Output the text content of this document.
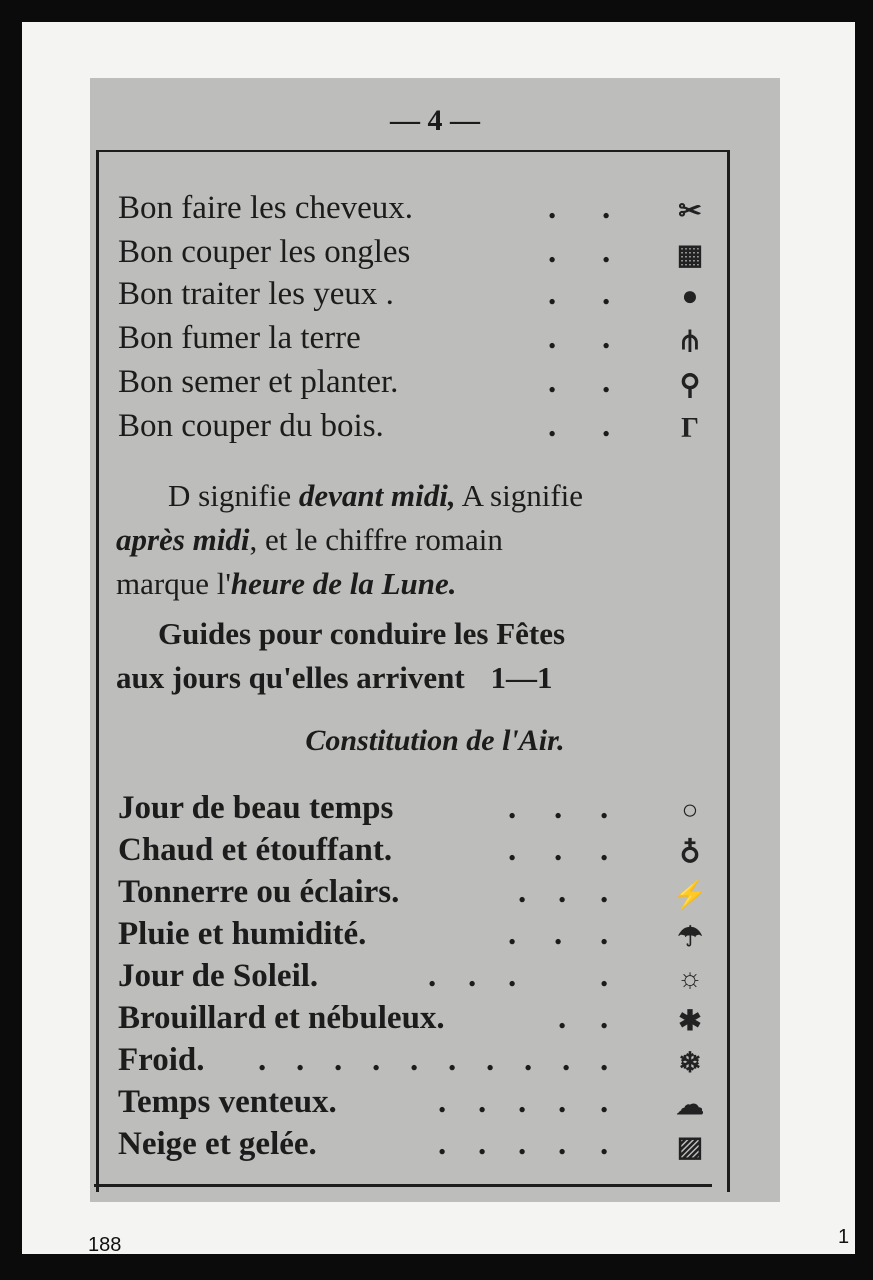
— 4 —
Bon faire les cheveux.	. . ✂
Bon couper les ongles	. . ▦
Bon traiter les yeux .	. .	●
Bon fumer la terre	. .	⫛
Bon semer et planter.	. . ⚲
Bon couper du bois.	. .	Γ
D signifie devant midi, A signifie
après midi, et le chiffre romain
marque l'heure de la Lune.
Guides pour conduire les Fêtes
aux jours qu'elles arrivent 1—1
Constitution de l'Air.
Jour de beau temps	. . .	○
Chaud et étouffant.	. . .	♁
Tonnerre ou éclairs.	. . . ⚡
Pluie et humidité.	. . . ☂
Jour de Soleil.	. . .	. ☼
Brouillard et nébuleux.	. .	✱
Froid. . . . . . . . . . .	❄
Temps venteux.	. . . . . ☁
Neige et gelée.	. . . . . ▨
188	1
